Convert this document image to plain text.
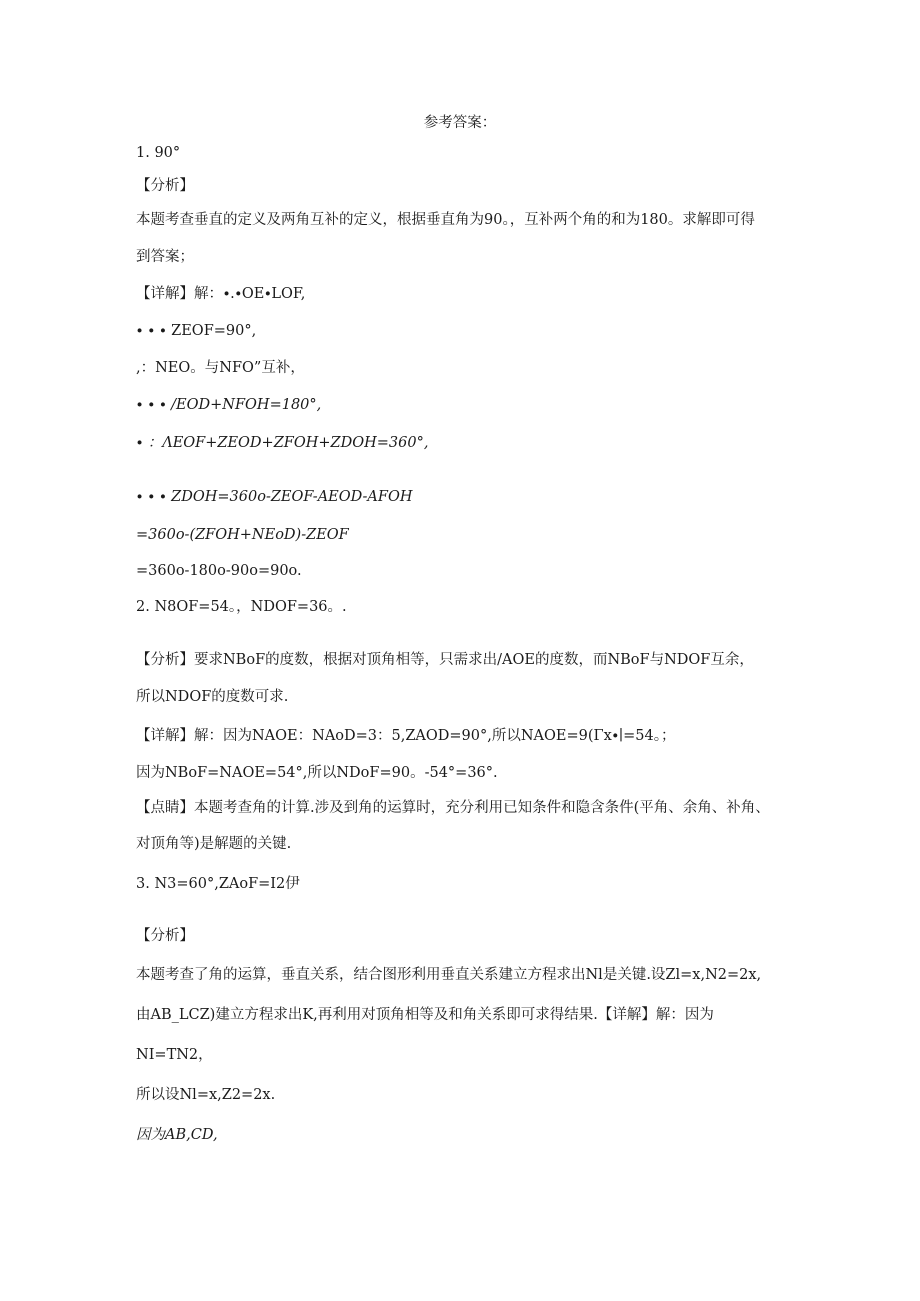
参考答案：
1. 90°
【分析】
本题考查垂直的定义及两角互补的定义，根据垂直角为90。，互补两个角的和为180。求解即可得
到答案；
【详解】解：∙.∙OE∙LOF,
∙ ∙ ∙ ZEOF=90°,
,：NEO。与NFO”互补，
∙ ∙ ∙ /EOD+NFOH=180°,
∙ ：ΛEOF+ZEOD+ZFOH+ZDOH=360°,
∙ ∙ ∙ ZDOH=360o-ZEOF-AEOD-AFOH
=360o-(ZFOH+NEoD)-ZEOF
=360o-180o-90o=90o.
2. N8OF=54。，NDOF=36。.
【分析】要求NBoF的度数，根据对顶角相等，只需求出/AOE的度数，而NBoF与NDOF互余，
所以NDOF的度数可求.
【详解】解：因为NAOE：NAoD=3：5,ZAOD=90°,所以NAOE=9(Γx∙∣=54。；
因为NBoF=NAOE=54°,所以NDoF=90。-54°=36°.
【点睛】本题考查角的计算.涉及到角的运算时，充分利用已知条件和隐含条件(平角、余角、补角、
对顶角等)是解题的关键.
3. N3=60°,ZAoF=I2伊
【分析】
本题考查了角的运算，垂直关系，结合图形利用垂直关系建立方程求出Nl是关键.设Zl=x,N2=2x,
由AB_LCZ)建立方程求出K,再利用对顶角相等及和角关系即可求得结果.【详解】解：因为
NI=TN2，
所以设Nl=x,Z2=2x.
因为AB,CD,
